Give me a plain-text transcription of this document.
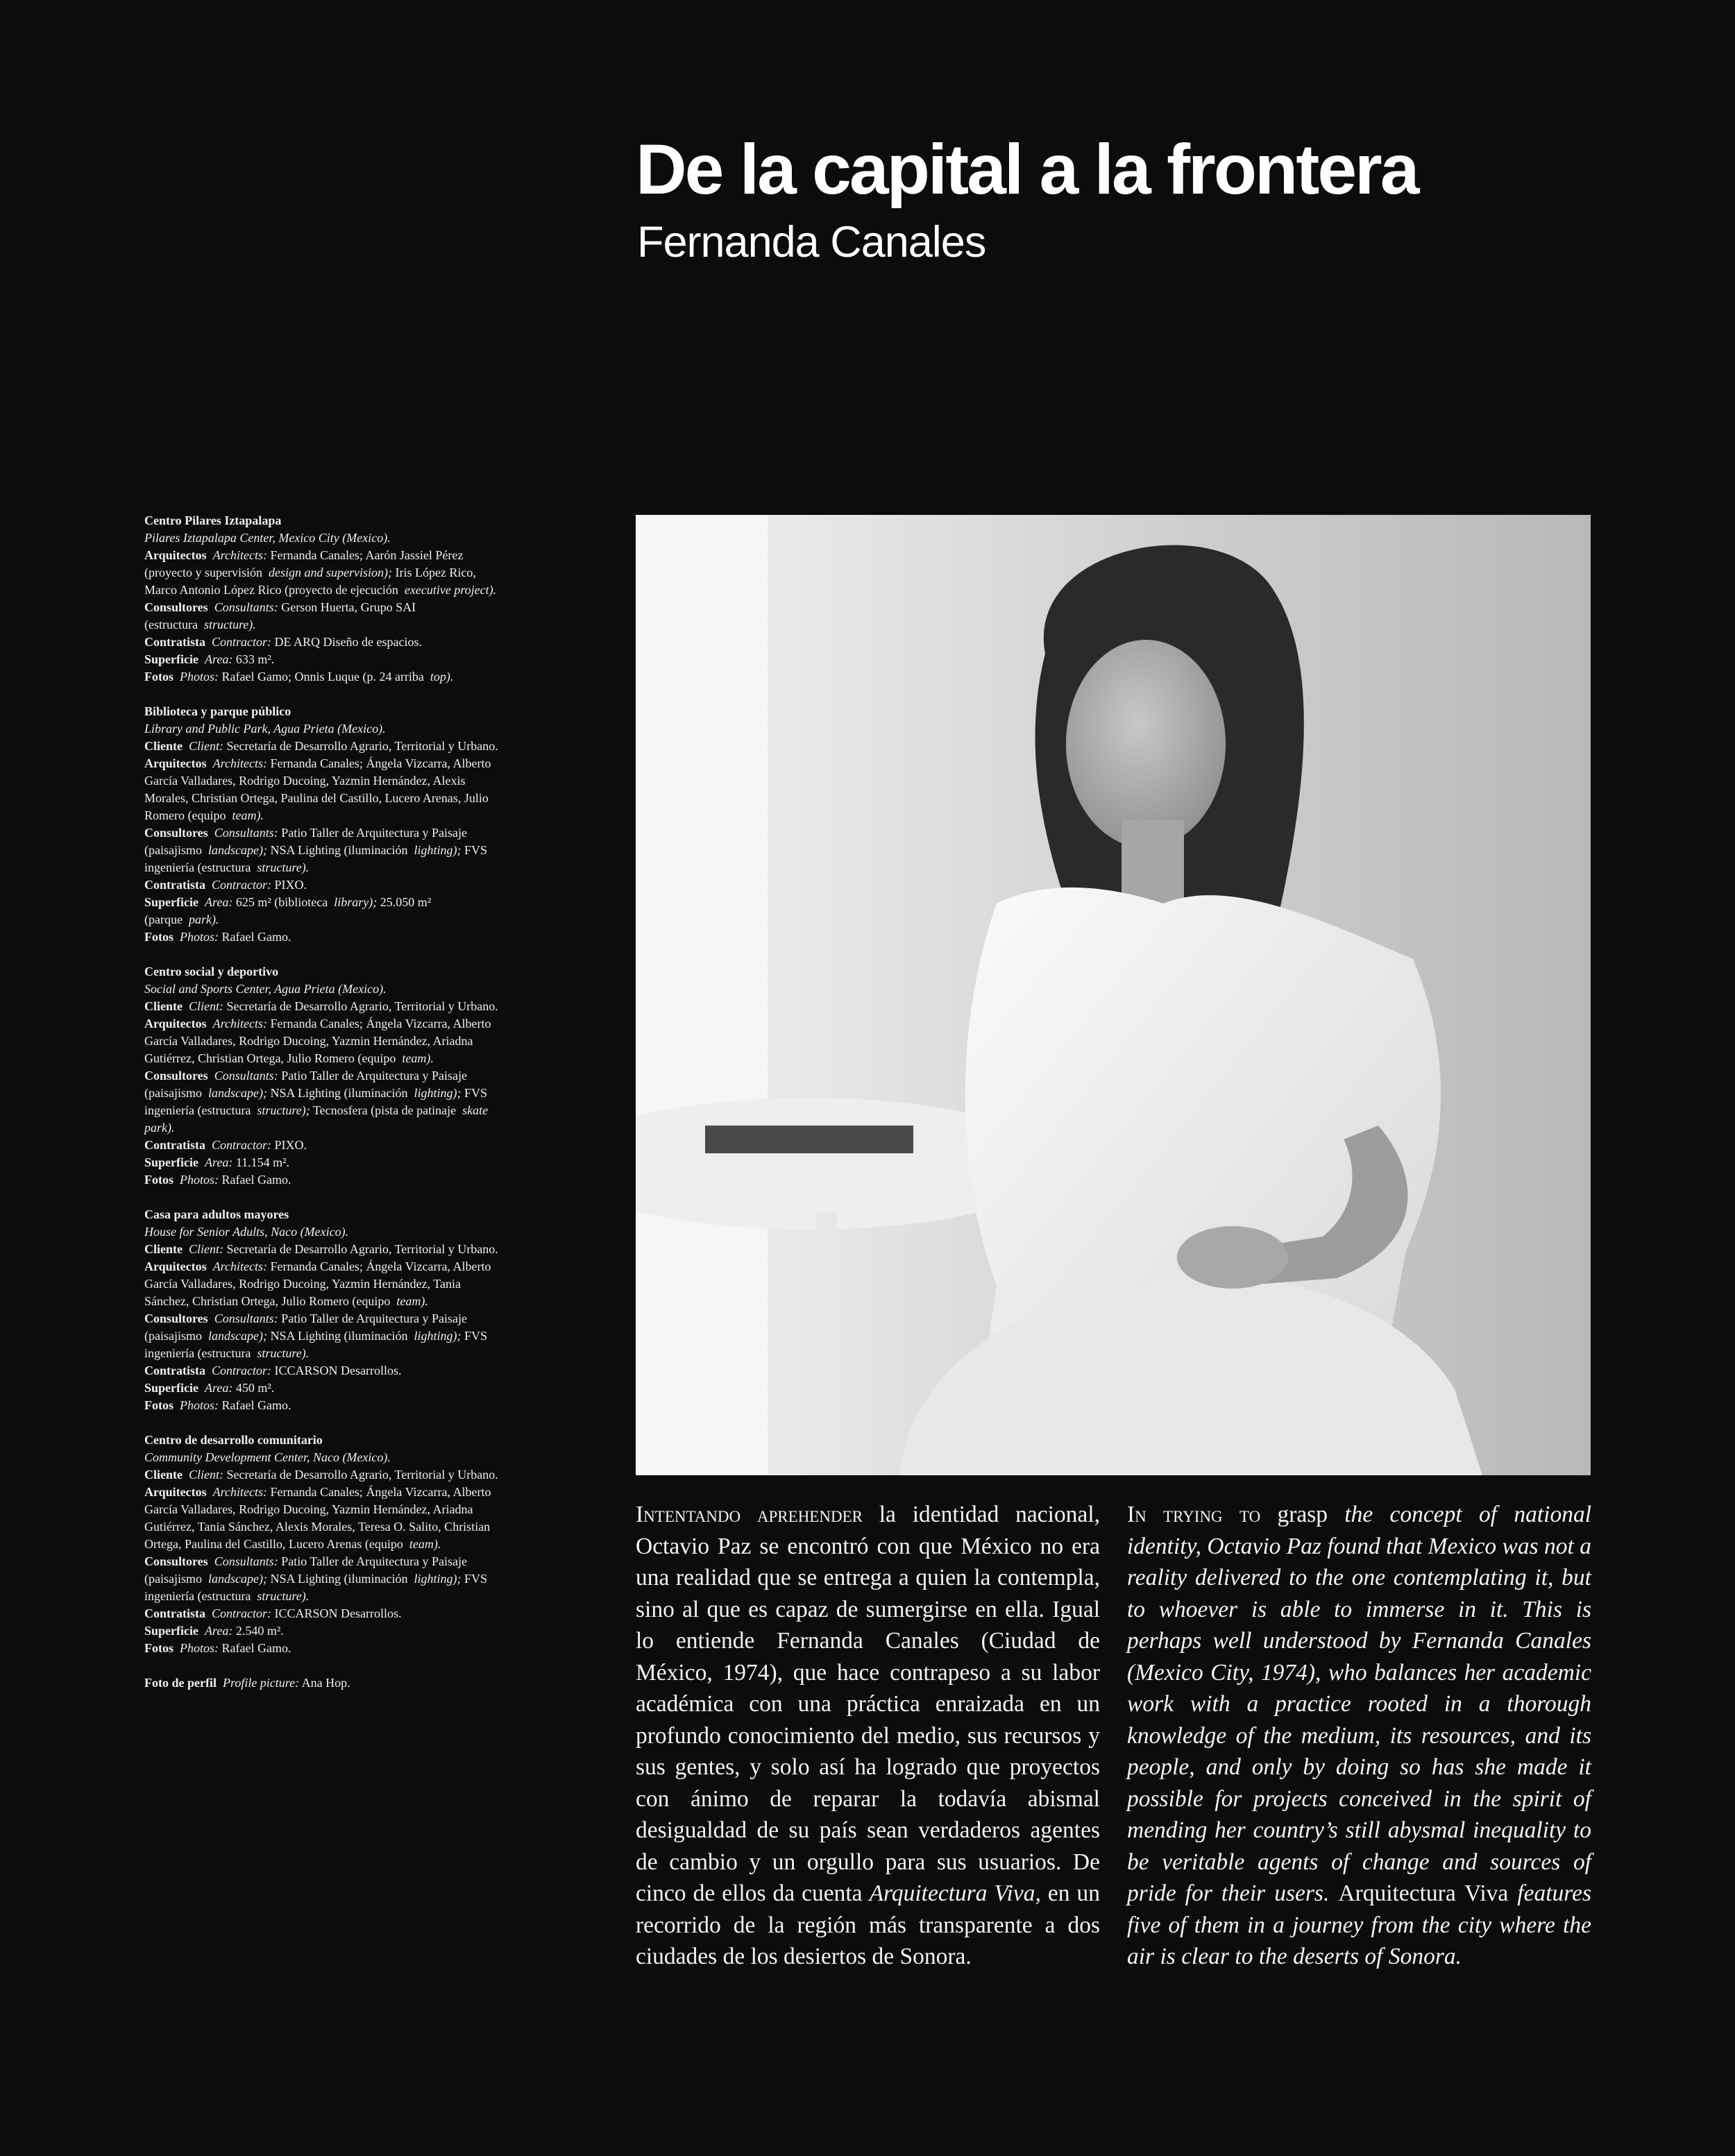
De la capital a la frontera
Fernanda Canales
Centro Pilares Iztapalapa
Pilares Iztapalapa Center, Mexico City (Mexico).
Arquitectos Architects: Fernanda Canales; Aarón Jassiel Pérez (proyecto y supervisión design and supervision); Iris López Rico, Marco Antonio López Rico (proyecto de ejecución executive project).
Consultores Consultants: Gerson Huerta, Grupo SAI (estructura structure).
Contratista Contractor: DE ARQ Diseño de espacios.
Superficie Area: 633 m².
Fotos Photos: Rafael Gamo; Onnis Luque (p. 24 arriba top).
Biblioteca y parque público
Library and Public Park, Agua Prieta (Mexico).
Cliente Client: Secretaría de Desarrollo Agrario, Territorial y Urbano.
Arquitectos Architects: Fernanda Canales; Ángela Vizcarra, Alberto García Valladares, Rodrigo Ducoing, Yazmin Hernández, Alexis Morales, Christian Ortega, Paulina del Castillo, Lucero Arenas, Julio Romero (equipo team).
Consultores Consultants: Patio Taller de Arquitectura y Paisaje (paisajismo landscape); NSA Lighting (iluminación lighting); FVS ingeniería (estructura structure).
Contratista Contractor: PIXO.
Superficie Area: 625 m² (biblioteca library); 25.050 m² (parque park).
Fotos Photos: Rafael Gamo.
Centro social y deportivo
Social and Sports Center, Agua Prieta (Mexico).
Cliente Client: Secretaría de Desarrollo Agrario, Territorial y Urbano.
Arquitectos Architects: Fernanda Canales; Ángela Vizcarra, Alberto García Valladares, Rodrigo Ducoing, Yazmin Hernández, Ariadna Gutiérrez, Christian Ortega, Julio Romero (equipo team).
Consultores Consultants: Patio Taller de Arquitectura y Paisaje (paisajismo landscape); NSA Lighting (iluminación lighting); FVS ingeniería (estructura structure); Tecnosfera (pista de patinaje skate park).
Contratista Contractor: PIXO.
Superficie Area: 11.154 m².
Fotos Photos: Rafael Gamo.
Casa para adultos mayores
House for Senior Adults, Naco (Mexico).
Cliente Client: Secretaría de Desarrollo Agrario, Territorial y Urbano.
Arquitectos Architects: Fernanda Canales; Ángela Vizcarra, Alberto García Valladares, Rodrigo Ducoing, Yazmin Hernández, Tania Sánchez, Christian Ortega, Julio Romero (equipo team).
Consultores Consultants: Patio Taller de Arquitectura y Paisaje (paisajismo landscape); NSA Lighting (iluminación lighting); FVS ingeniería (estructura structure).
Contratista Contractor: ICCARSON Desarrollos.
Superficie Area: 450 m².
Fotos Photos: Rafael Gamo.
Centro de desarrollo comunitario
Community Development Center, Naco (Mexico).
Cliente Client: Secretaría de Desarrollo Agrario, Territorial y Urbano.
Arquitectos Architects: Fernanda Canales; Ángela Vizcarra, Alberto García Valladares, Rodrigo Ducoing, Yazmin Hernández, Ariadna Gutiérrez, Tania Sánchez, Alexis Morales, Teresa O. Salito, Christian Ortega, Paulina del Castillo, Lucero Arenas (equipo team).
Consultores Consultants: Patio Taller de Arquitectura y Paisaje (paisajismo landscape); NSA Lighting (iluminación lighting); FVS ingeniería (estructura structure).
Contratista Contractor: ICCARSON Desarrollos.
Superficie Area: 2.540 m².
Fotos Photos: Rafael Gamo.
Foto de perfil Profile picture: Ana Hop.
Intentando aprehender la identidad nacional, Octavio Paz se encontró con que México no era una realidad que se entrega a quien la contempla, sino al que es capaz de sumergirse en ella. Igual lo entiende Fernanda Canales (Ciudad de México, 1974), que hace contrapeso a su labor académica con una práctica enraizada en un profundo conocimiento del medio, sus recursos y sus gentes, y solo así ha logrado que proyectos con ánimo de reparar la todavía abismal desigualdad de su país sean verdaderos agentes de cambio y un orgullo para sus usuarios. De cinco de ellos da cuenta Arquitectura Viva, en un recorrido de la región más transparente a dos ciudades de los desiertos de Sonora.
In trying to grasp the concept of national identity, Octavio Paz found that Mexico was not a reality delivered to the one contemplating it, but to whoever is able to immerse in it. This is perhaps well understood by Fernanda Canales (Mexico City, 1974), who balances her academic work with a practice rooted in a thorough knowledge of the medium, its resources, and its people, and only by doing so has she made it possible for projects conceived in the spirit of mending her country’s still abysmal inequality to be veritable agents of change and sources of pride for their users. Arquitectura Viva features five of them in a journey from the city where the air is clear to the deserts of Sonora.
